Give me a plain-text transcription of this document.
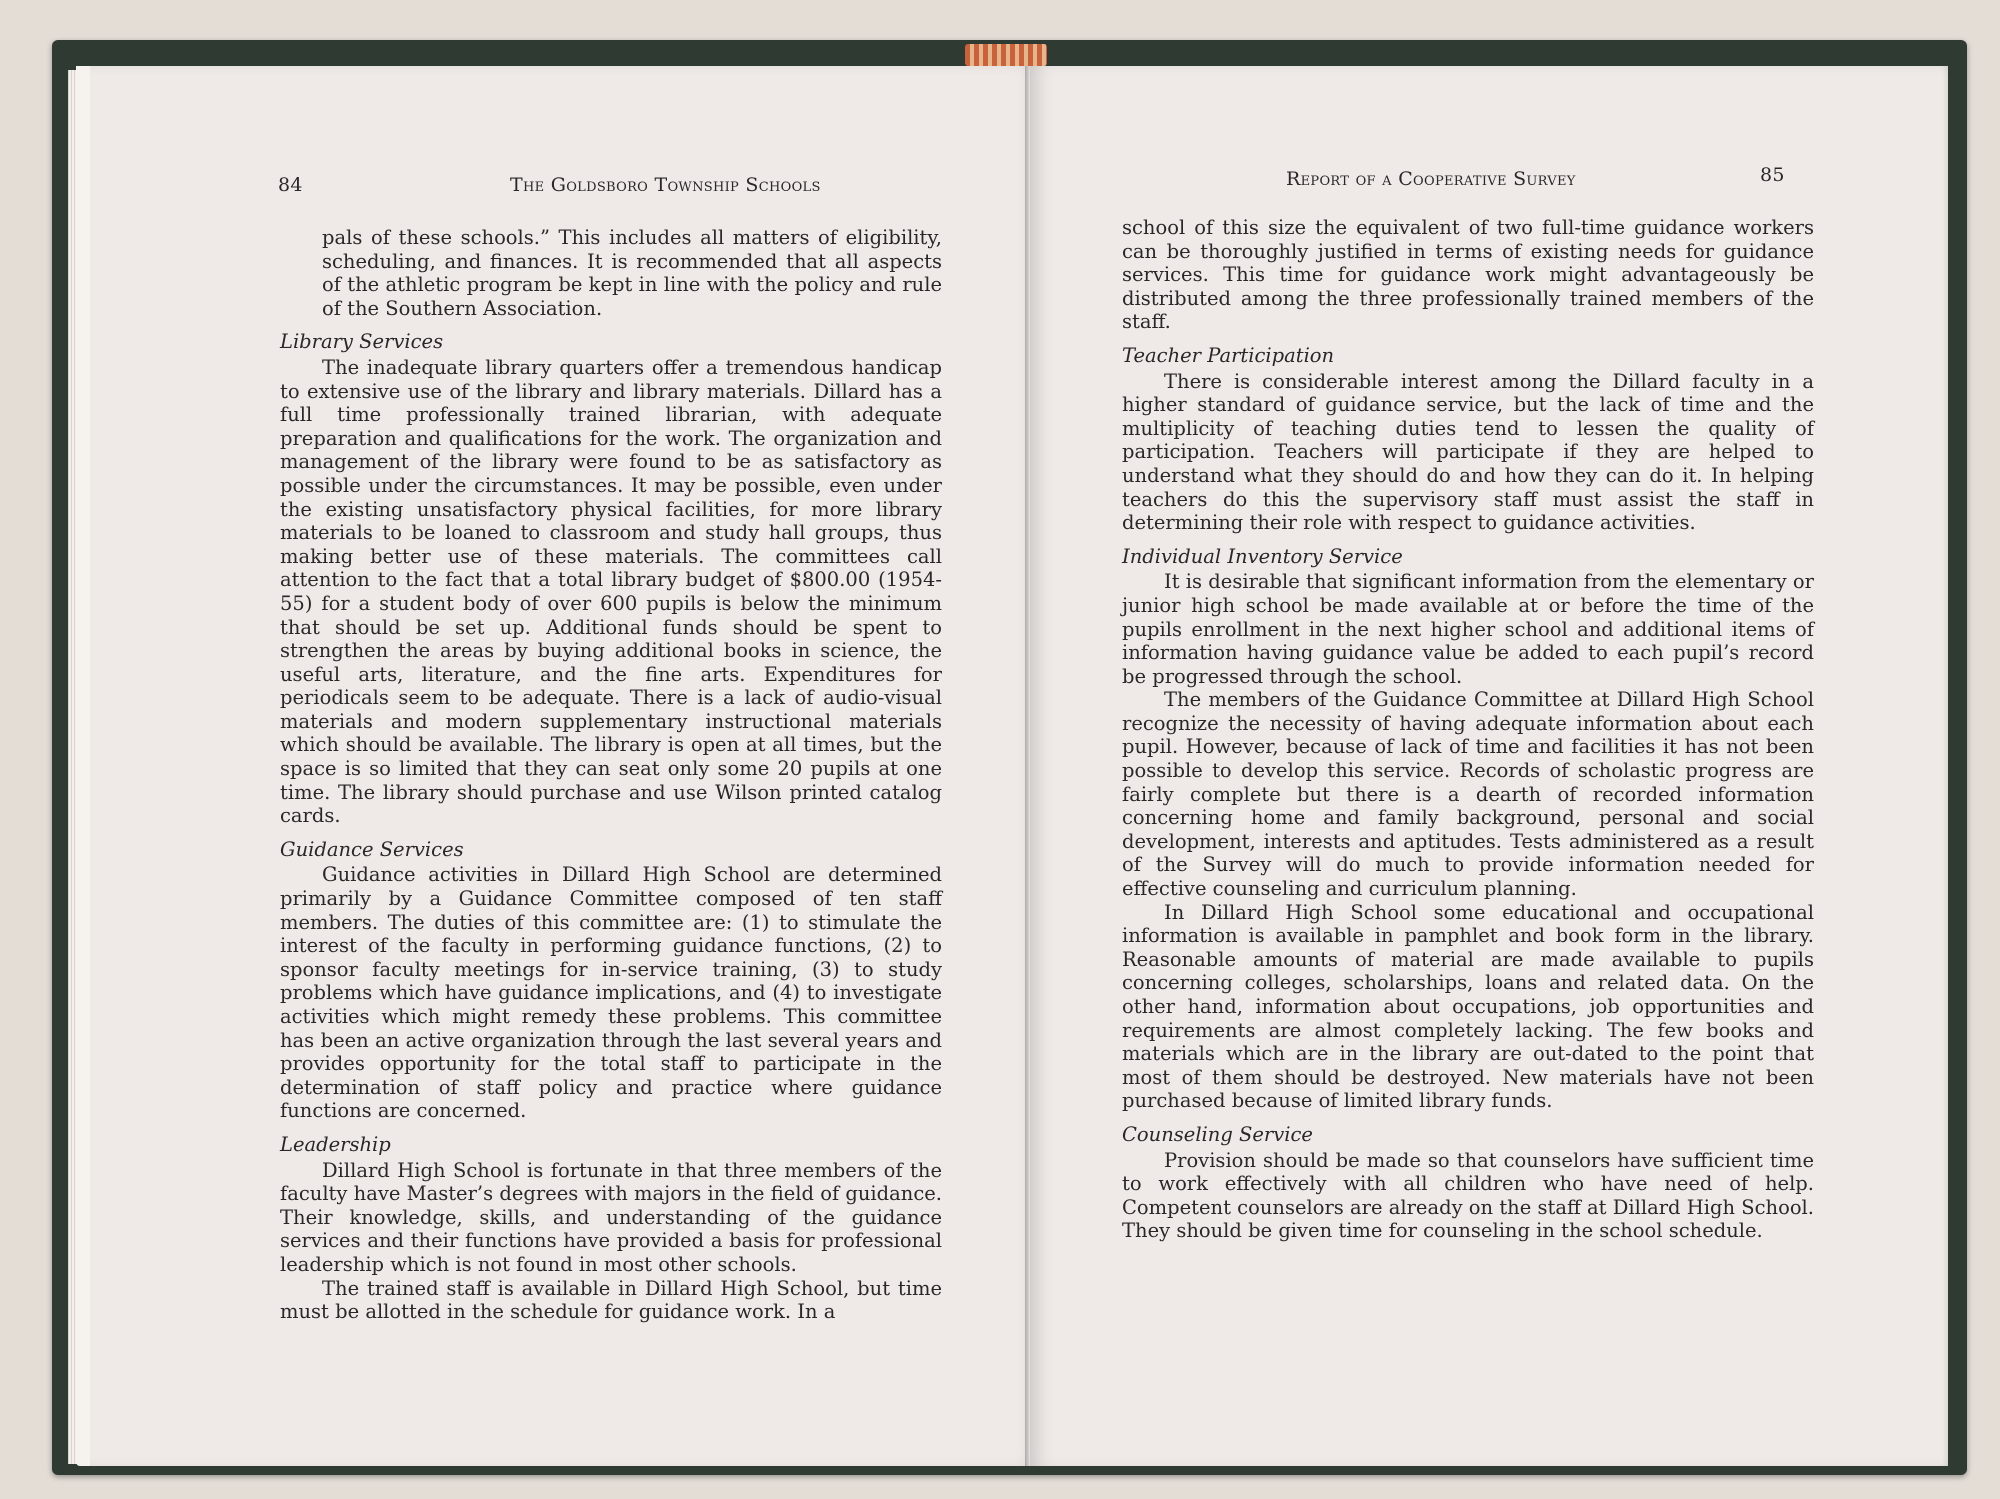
84	The Goldsboro Township Schools

pals of these schools.” This includes all matters of eligibility, scheduling, and finances. It is recommended that all aspects of the athletic program be kept in line with the policy and rule of the Southern Association.

Library Services

The inadequate library quarters offer a tremendous handicap to extensive use of the library and library materials. Dillard has a full time professionally trained librarian, with adequate preparation and qualifications for the work. The organization and management of the library were found to be as satisfactory as possible under the circumstances. It may be possible, even under the existing unsatisfactory physical facilities, for more library materials to be loaned to classroom and study hall groups, thus making better use of these materials. The committees call attention to the fact that a total library budget of $800.00 (1954-55) for a student body of over 600 pupils is below the minimum that should be set up. Additional funds should be spent to strengthen the areas by buying additional books in science, the useful arts, literature, and the fine arts. Expenditures for periodicals seem to be adequate. There is a lack of audio-visual materials and modern supplementary instructional materials which should be available. The library is open at all times, but the space is so limited that they can seat only some 20 pupils at one time. The library should purchase and use Wilson printed catalog cards.

Guidance Services

Guidance activities in Dillard High School are determined primarily by a Guidance Committee composed of ten staff members. The duties of this committee are: (1) to stimulate the interest of the faculty in performing guidance functions, (2) to sponsor faculty meetings for in-service training, (3) to study problems which have guidance implications, and (4) to investigate activities which might remedy these problems. This committee has been an active organization through the last several years and provides opportunity for the total staff to participate in the determination of staff policy and practice where guidance functions are concerned.

Leadership

Dillard High School is fortunate in that three members of the faculty have Master’s degrees with majors in the field of guidance. Their knowledge, skills, and understanding of the guidance services and their functions have provided a basis for professional leadership which is not found in most other schools.

The trained staff is available in Dillard High School, but time must be allotted in the schedule for guidance work. In a

Report of a Cooperative Survey	85

school of this size the equivalent of two full-time guidance workers can be thoroughly justified in terms of existing needs for guidance services. This time for guidance work might advantageously be distributed among the three professionally trained members of the staff.

Teacher Participation

There is considerable interest among the Dillard faculty in a higher standard of guidance service, but the lack of time and the multiplicity of teaching duties tend to lessen the quality of participation. Teachers will participate if they are helped to understand what they should do and how they can do it. In helping teachers do this the supervisory staff must assist the staff in determining their role with respect to guidance activities.

Individual Inventory Service

It is desirable that significant information from the elementary or junior high school be made available at or before the time of the pupils enrollment in the next higher school and additional items of information having guidance value be added to each pupil’s record be progressed through the school.

The members of the Guidance Committee at Dillard High School recognize the necessity of having adequate information about each pupil. However, because of lack of time and facilities it has not been possible to develop this service. Records of scholastic progress are fairly complete but there is a dearth of recorded information concerning home and family background, personal and social development, interests and aptitudes. Tests administered as a result of the Survey will do much to provide information needed for effective counseling and curriculum planning.

In Dillard High School some educational and occupational information is available in pamphlet and book form in the library. Reasonable amounts of material are made available to pupils concerning colleges, scholarships, loans and related data. On the other hand, information about occupations, job opportunities and requirements are almost completely lacking. The few books and materials which are in the library are out-dated to the point that most of them should be destroyed. New materials have not been purchased because of limited library funds.

Counseling Service

Provision should be made so that counselors have sufficient time to work effectively with all children who have need of help. Competent counselors are already on the staff at Dillard High School. They should be given time for counseling in the school schedule.
